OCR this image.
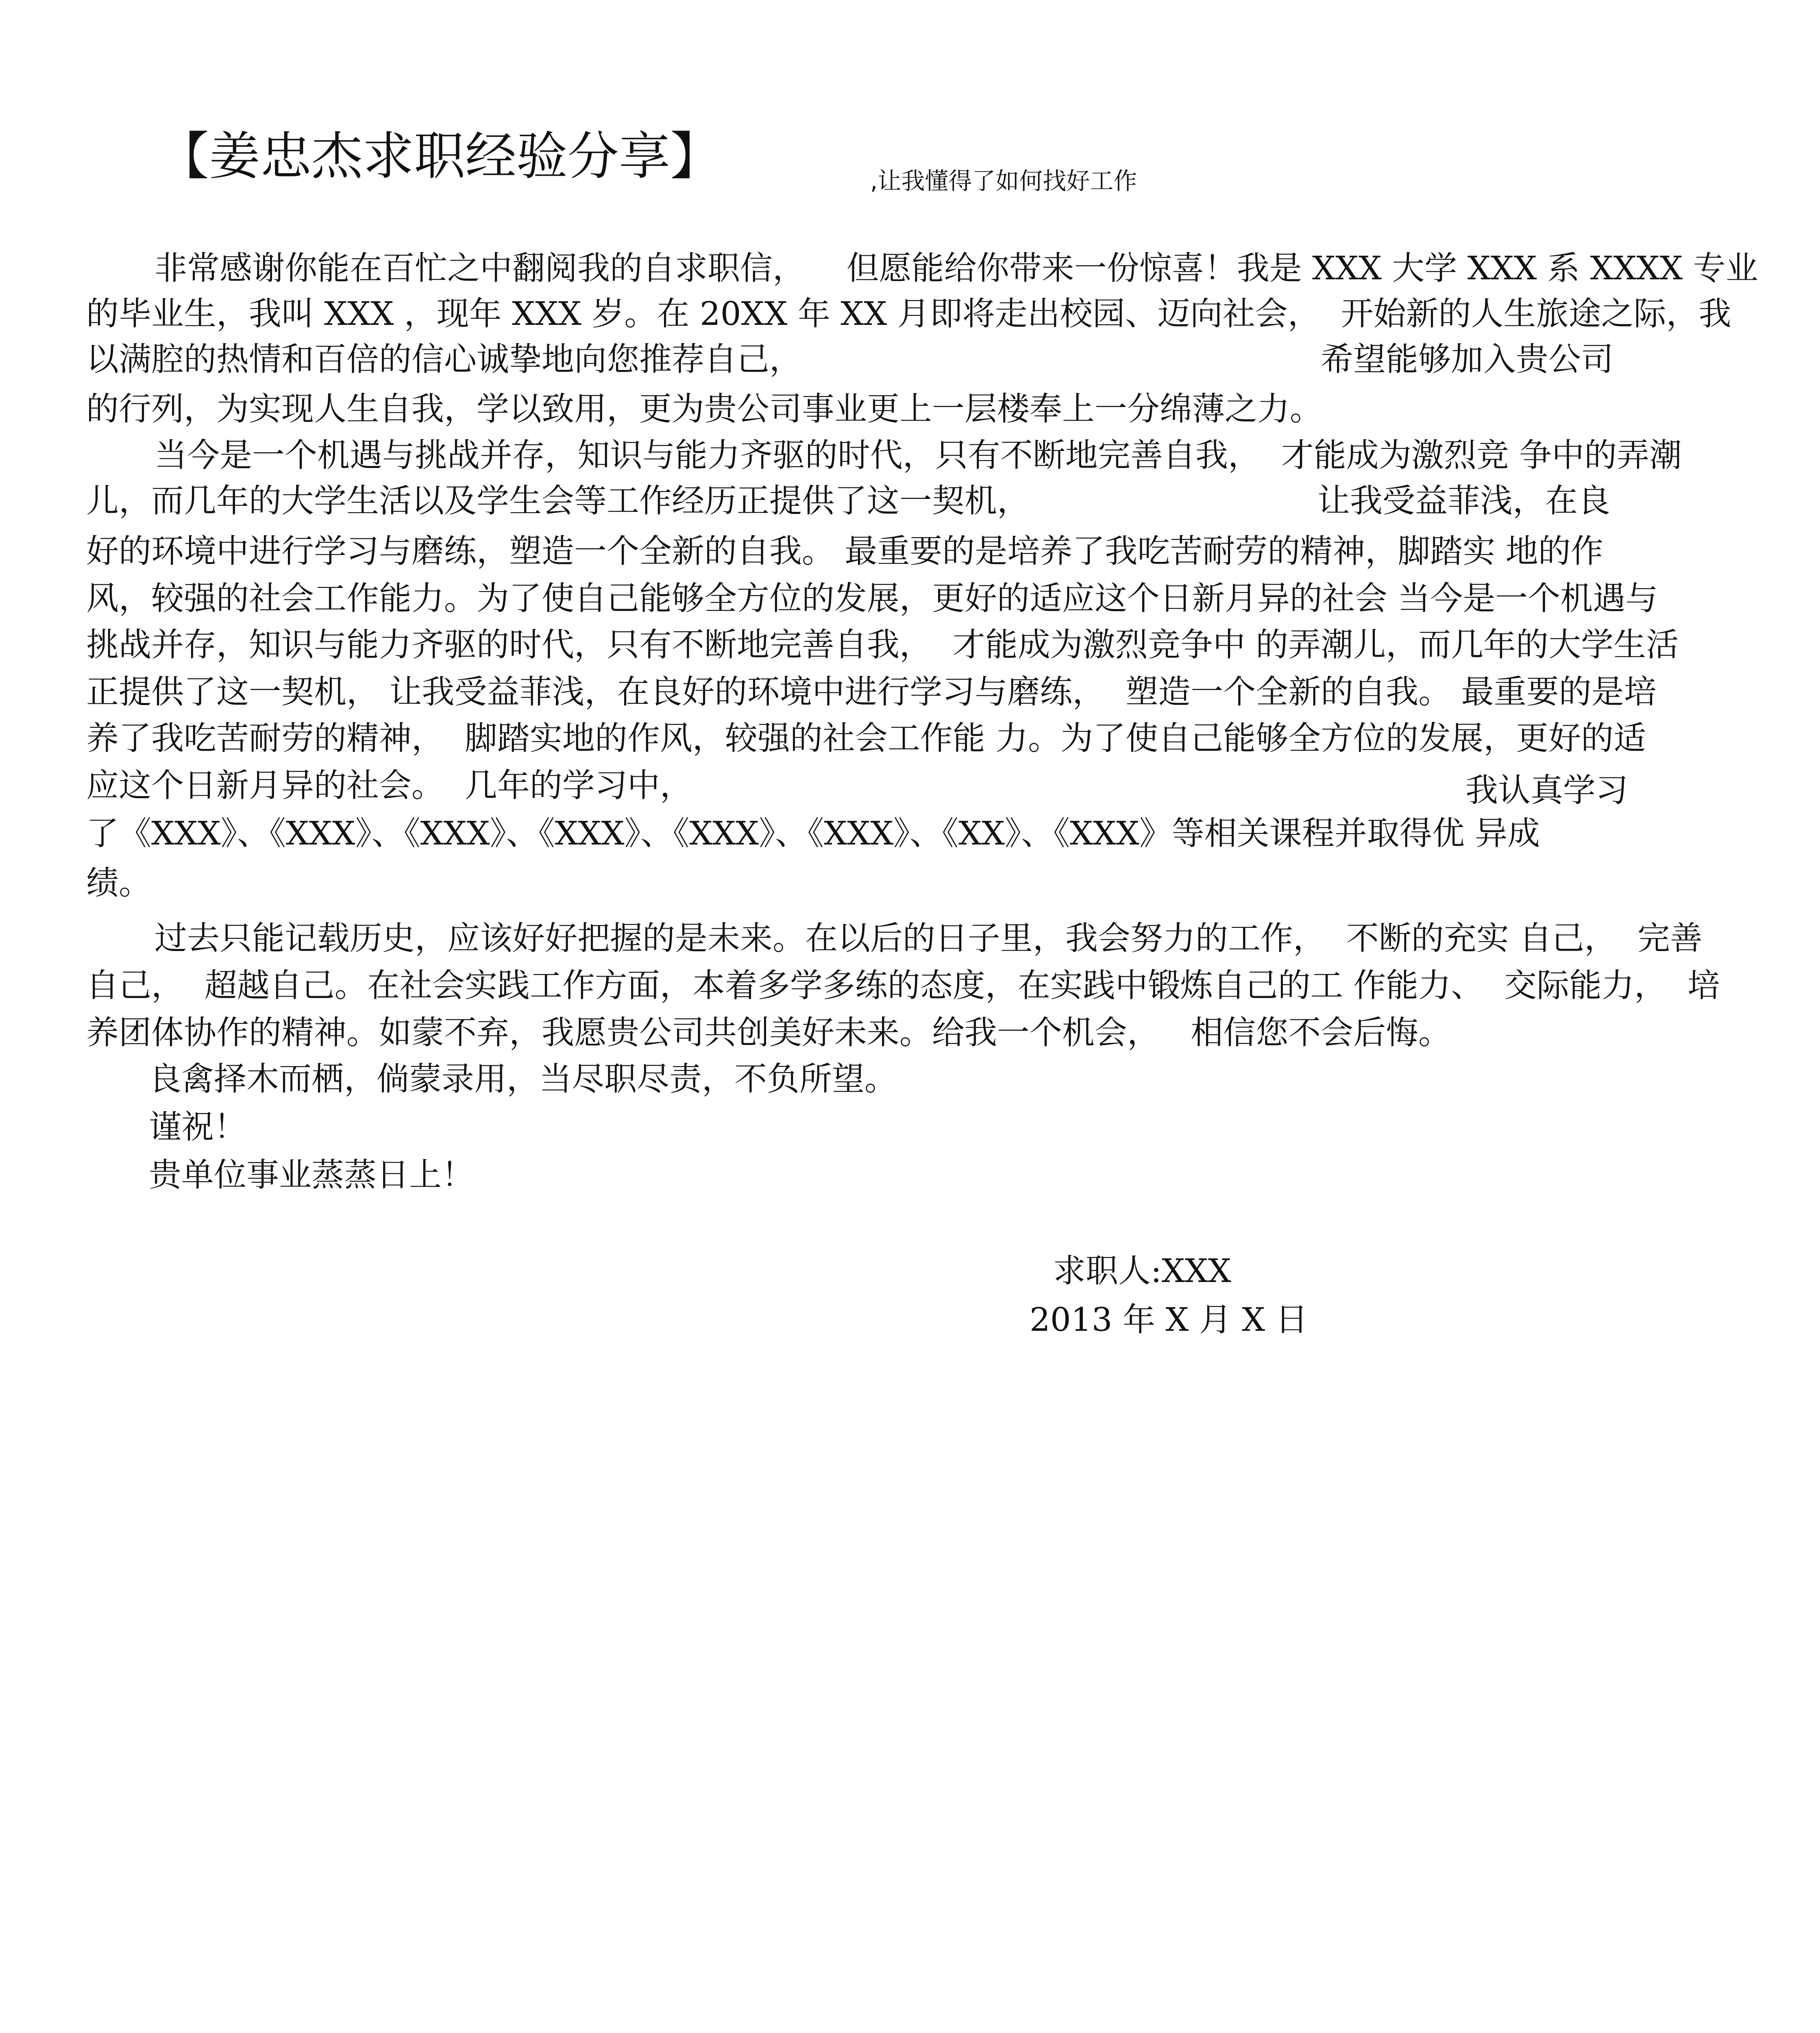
【姜忠杰求职经验分享】	,让我懂得了如何找好工作
非常感谢你能在百忙之中翻阅我的自求职信，    但愿能给你带来一份惊喜！我是 XXX 大学 XXX 系 XXXX 专业
的毕业生，我叫 XXX ，现年 XXX 岁。在 20XX 年 XX 月即将走出校园、迈向社会，  开始新的人生旅途之际，我
以满腔的热情和百倍的信心诚挚地向您推荐自己，	希望能够加入贵公司
的行列，为实现人生自我，学以致用，更为贵公司事业更上一层楼奉上一分绵薄之力。
当今是一个机遇与挑战并存，知识与能力齐驱的时代，只有不断地完善自我，  才能成为激烈竞 争中的弄潮
儿，而几年的大学生活以及学生会等工作经历正提供了这一契机，	让我受益菲浅，在良
好的环境中进行学习与磨练，塑造一个全新的自我。 最重要的是培养了我吃苦耐劳的精神，脚踏实 地的作
风，较强的社会工作能力。为了使自己能够全方位的发展，更好的适应这个日新月异的社会 当今是一个机遇与
挑战并存，知识与能力齐驱的时代，只有不断地完善自我，  才能成为激烈竞争中 的弄潮儿，而几年的大学生活
正提供了这一契机， 让我受益菲浅，在良好的环境中进行学习与磨练，  塑造一个全新的自我。 最重要的是培
养了我吃苦耐劳的精神，  脚踏实地的作风，较强的社会工作能 力。为了使自己能够全方位的发展，更好的适
应这个日新月异的社会。  几年的学习中，	我认真学习
了《XXX》、《XXX》、《XXX》、《XXX》、《XXX》、《XXX》、《XX》、《XXX》等相关课程并取得优 异成
绩。
过去只能记载历史，应该好好把握的是未来。在以后的日子里，我会努力的工作，  不断的充实 自己，  完善
自己，  超越自己。在社会实践工作方面，本着多学多练的态度，在实践中锻炼自己的工 作能力、  交际能力，  培
养团体协作的精神。如蒙不弃，我愿贵公司共创美好未来。给我一个机会，   相信您不会后悔。
良禽择木而栖，倘蒙录用，当尽职尽责，不负所望。
谨祝！
贵单位事业蒸蒸日上！
求职人:XXX
2013 年 X 月 X 日
